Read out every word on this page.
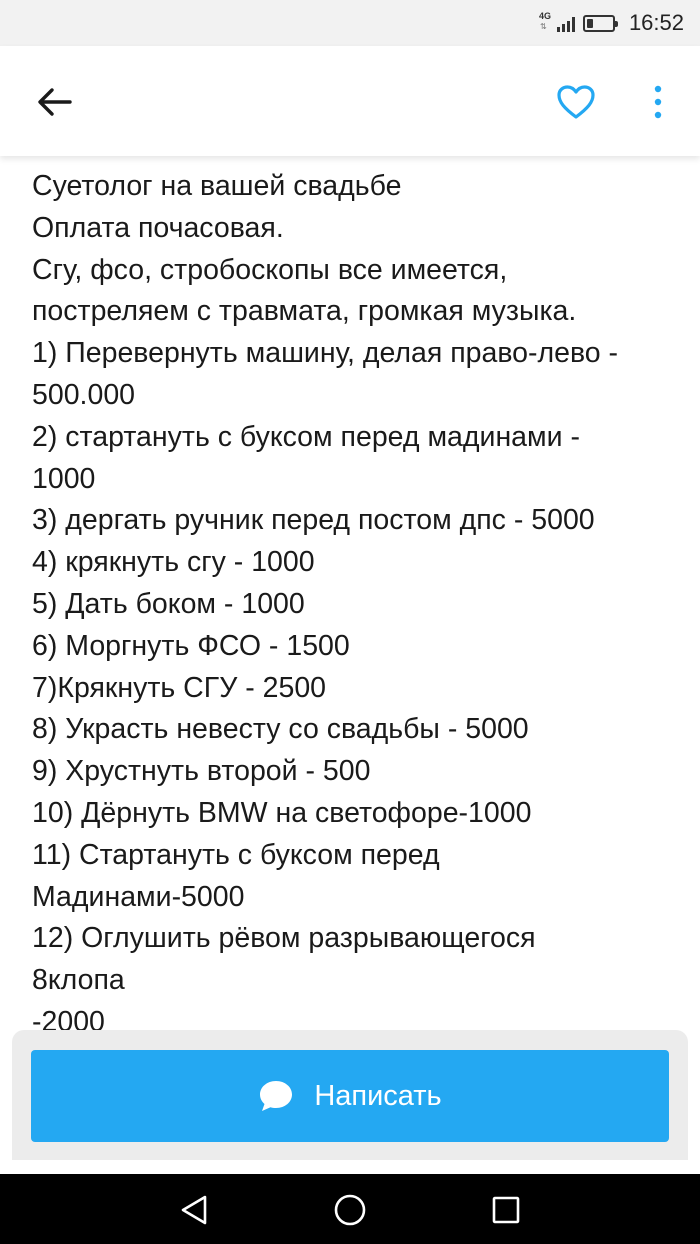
4G
⇅	16:52
Суетолог на вашей свадьбе
Оплата почасовая.
Сгу, фсо, стробоскопы все имеется,
постреляем с травмата, громкая музыка.
1) Перевернуть машину, делая право-лево -
500.000
2) стартануть с буксом перед мадинами -
1000
3) дергать ручник перед постом дпс - 5000
4) крякнуть сгу - 1000
5) Дать боком - 1000
6) Моргнуть ФСО - 1500
7)Крякнуть СГУ - 2500
8) Украсть невесту со свадьбы - 5000
9) Хрустнуть второй - 500
10) Дёрнуть BMW на светофоре-1000
11) Стартануть с буксом перед
Мадинами-5000
12) Оглушить рёвом разрывающегося
8клопа
-2000
Написать
